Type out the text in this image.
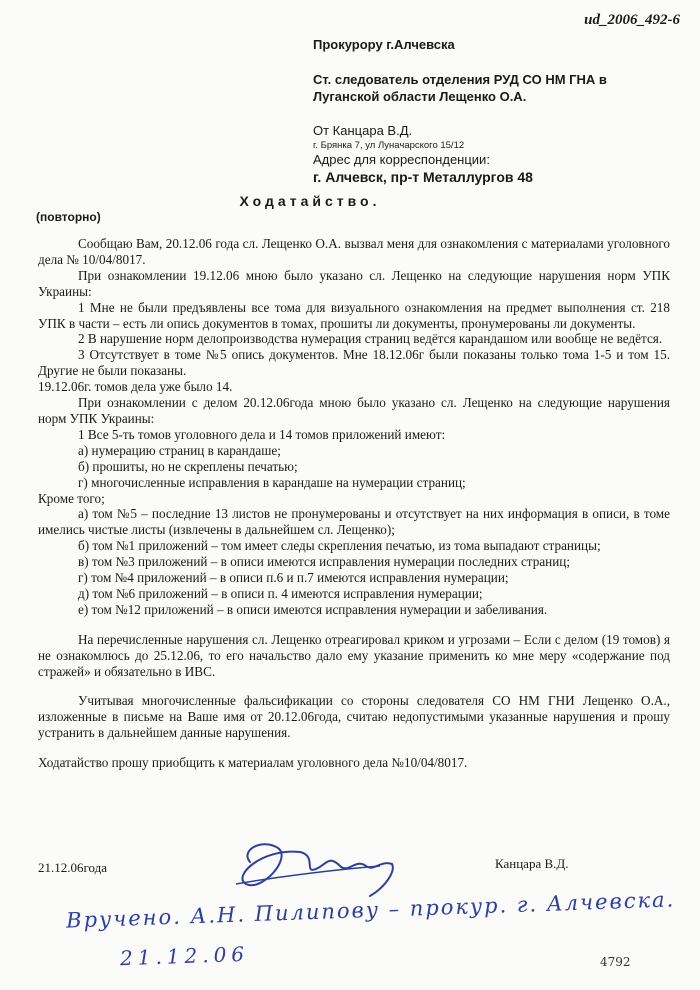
ud_2006_492-6
Прокурору г.Алчевска
Ст. следователь отделения РУД СО НМ ГНА в
Луганской области Лещенко О.А.
От Канцара В.Д.
г. Брянка 7, ул Луначарского 15/12
Адрес для корреспонденции:
г. Алчевск, пр-т Металлургов 48
Ходатайство.
(повторно)

Сообщаю Вам, 20.12.06 года сл. Лещенко О.А. вызвал меня для ознакомления с материалами уголовного дела № 10/04/8017.

При ознакомлении 19.12.06 мною было указано сл. Лещенко на следующие нарушения норм УПК Украины:

1 Мне не были предъявлены все тома для визуального ознакомления на предмет выполнения ст. 218 УПК в части – есть ли опись документов в томах, прошиты ли документы, пронумерованы ли документы.

2 В нарушение норм делопроизводства нумерация страниц ведётся карандашом или вообще не ведётся.

3 Отсутствует в томе №5 опись документов. Мне 18.12.06г были показаны только тома 1-5 и том 15. Другие не были показаны.

19.12.06г. томов дела уже было 14.

При ознакомлении с делом 20.12.06года мною было указано сл. Лещенко на следующие нарушения норм УПК Украины:

1 Все 5-ть томов уголовного дела и 14 томов приложений имеют:

а) нумерацию страниц в карандаше;

б) прошиты, но не скреплены печатью;

г) многочисленные исправления в карандаше на нумерации страниц;

Кроме того;

а) том №5 – последние 13 листов не пронумерованы и отсутствует на них информация в описи, в томе имелись чистые листы (извлечены в дальнейшем сл. Лещенко);

б) том №1 приложений – том имеет следы скрепления печатью, из тома выпадают страницы;

в) том №3 приложений – в описи имеются исправления нумерации последних страниц;

г) том №4 приложений – в описи п.6 и п.7 имеются исправления нумерации;

д) том №6 приложений – в описи п. 4 имеются исправления нумерации;

е) том №12 приложений – в описи имеются исправления нумерации и забеливания.

На перечисленные нарушения сл. Лещенко отреагировал криком и угрозами – Если с делом (19 томов) я не ознакомлюсь до 25.12.06, то его начальство дало ему указание применить ко мне меру «содержание под стражей» и обязательно в ИВС.

Учитывая многочисленные фальсификации со стороны следователя СО НМ ГНИ Лещенко О.А., изложенные в письме на Ваше имя от 20.12.06года, считаю недопустимыми указанные нарушения и прошу устранить в дальнейшем данные нарушения.

Ходатайство прошу приобщить к материалам уголовного дела №10/04/8017.

21.12.06года	Канцара В.Д.
Вручено. А.Н. Пилипову – прокур. г. Алчевска.
21.12.06	4792
